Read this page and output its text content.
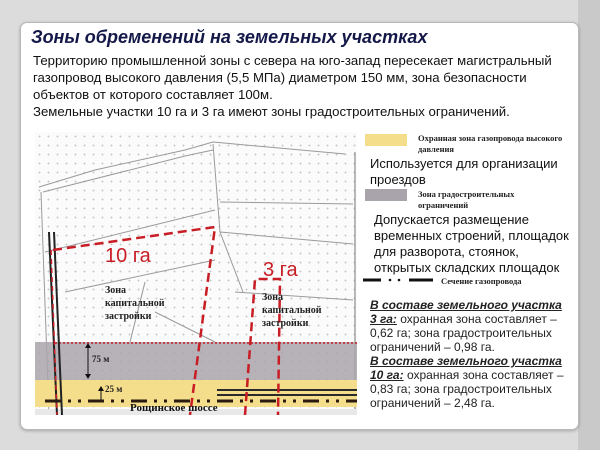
Зоны обременений на земельных участках
Территорию промышленной зоны с севера на юго-запад пересекает магистральный газопровод высокого давления (5,5 МПа) диаметром 150 мм, зона безопасности объектов от которого составляет 100м.
Земельные участки 10 га и 3 га имеют зоны градостроительных ограничений.
10 га
3 га
Зона капитальной застройки
Зона капитальной застройки
75 м
25 м
Рощинское шоссе
Охранная зона газопровода высокого давления
Используется для организации проездов
Зона градостроительных ограничений
Допускается размещение временных строений, площадок для разворота, стоянок, открытых складских площадок
Сечение газопровода
В составе земельного участка
3 га: охранная зона составляет – 0,62 га; зона градостроительных ограничений – 0,98 га.
В составе земельного участка
10 га: охранная зона составляет – 0,83 га; зона градостроительных ограничений – 2,48 га.
